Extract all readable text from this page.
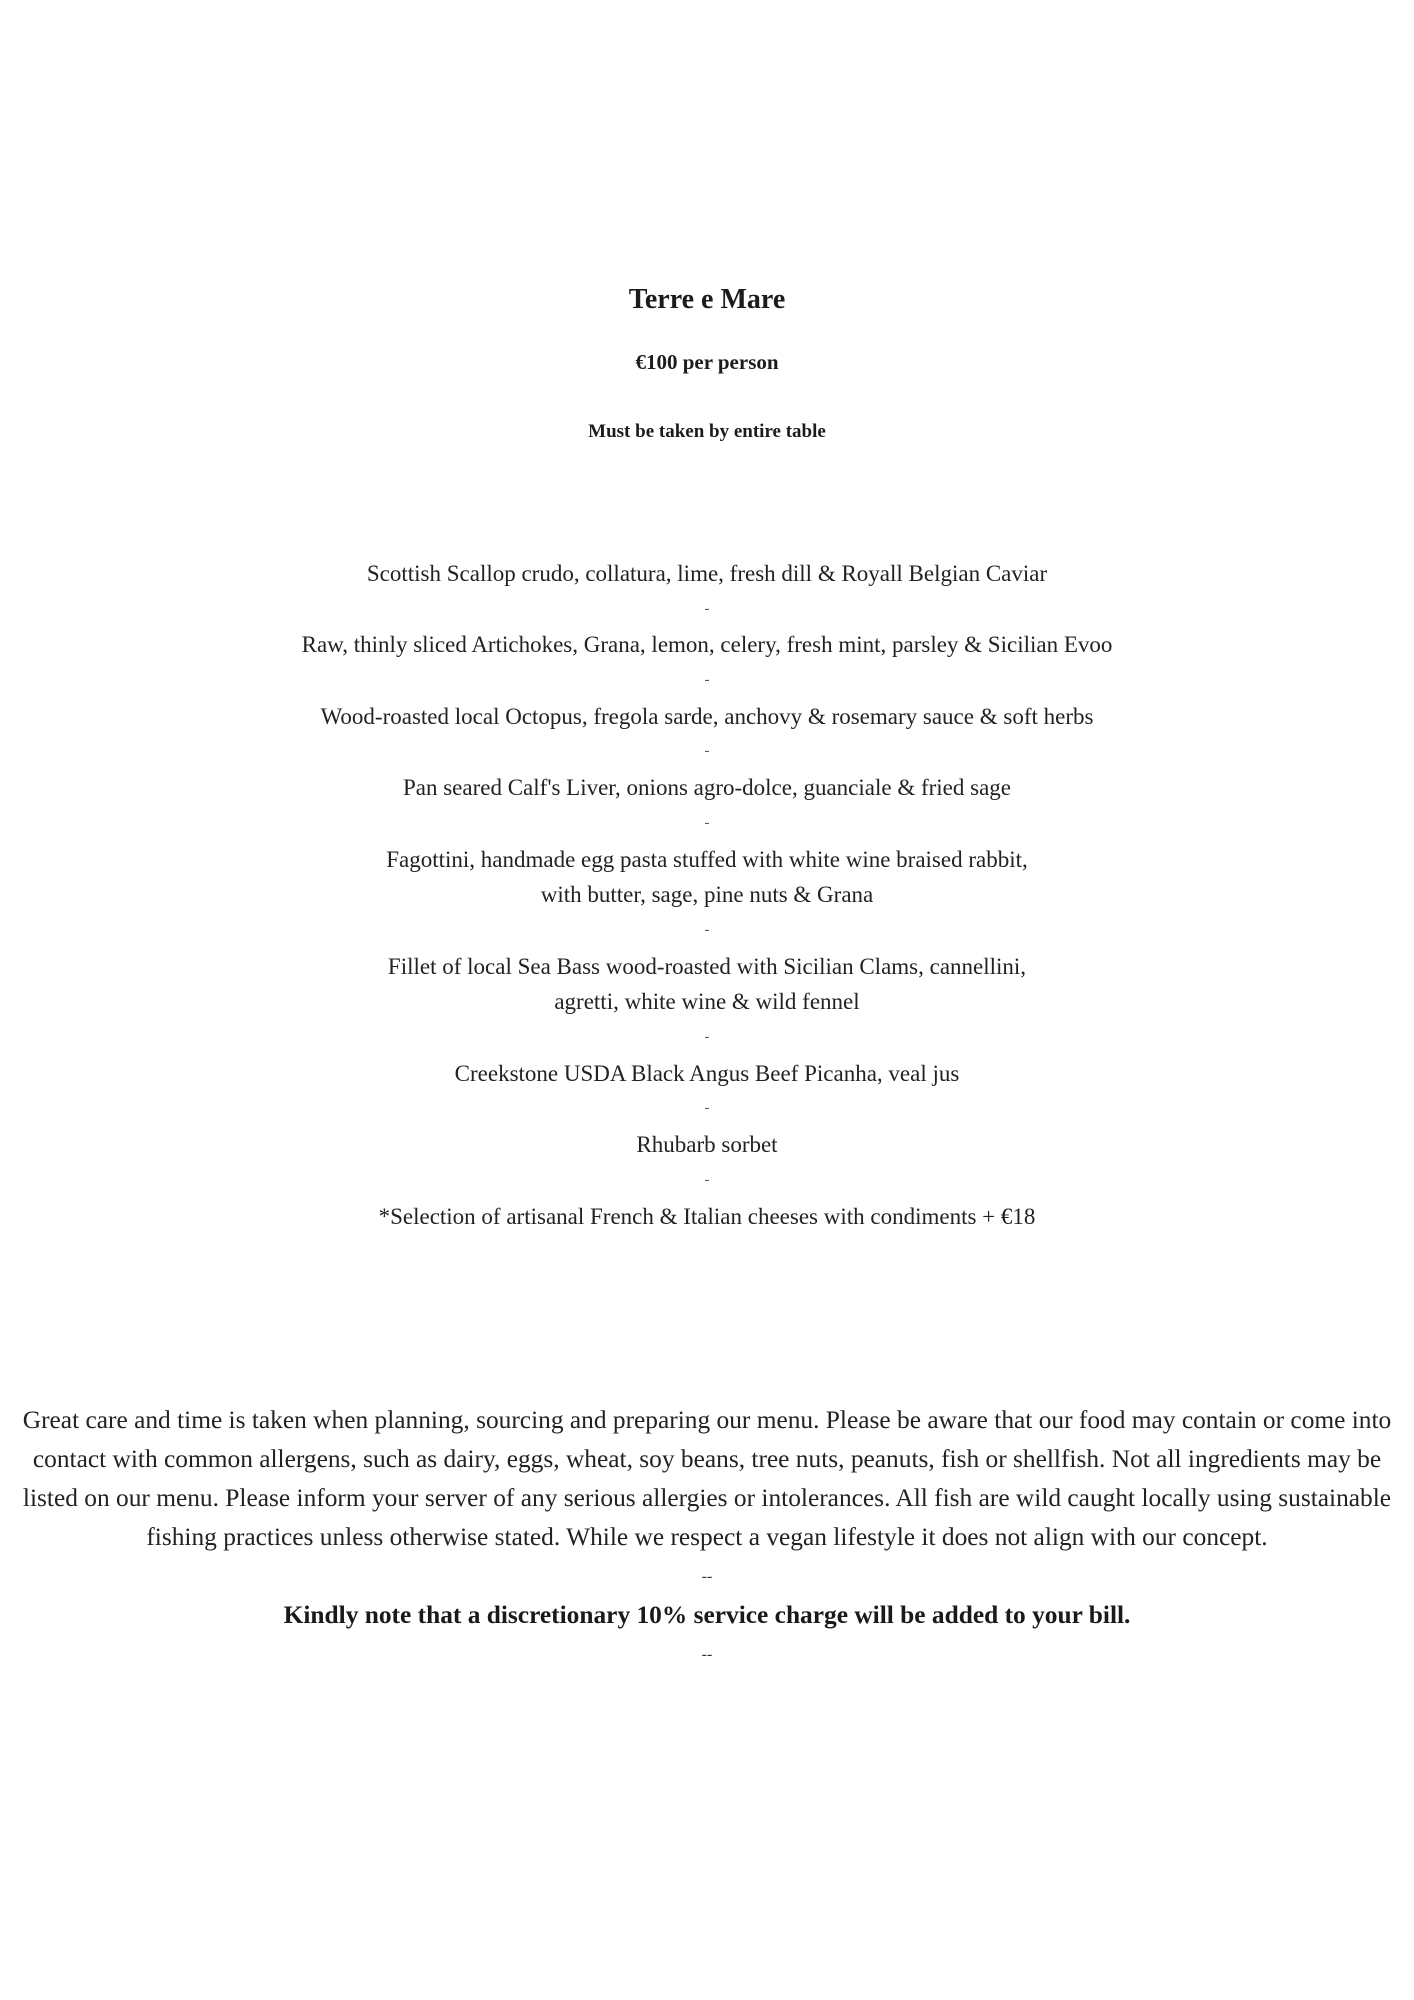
Terre e Mare
€100 per person
Must be taken by entire table

Scottish Scallop crudo, collatura, lime, fresh dill & Royall Belgian Caviar

-

Raw, thinly sliced Artichokes, Grana, lemon, celery, fresh mint, parsley & Sicilian Evoo

-

Wood-roasted local Octopus, fregola sarde, anchovy & rosemary sauce & soft herbs

-

Pan seared Calf's Liver, onions agro-dolce, guanciale & fried sage

-

Fagottini, handmade egg pasta stuffed with white wine braised rabbit,

with butter, sage, pine nuts & Grana

-

Fillet of local Sea Bass wood-roasted with Sicilian Clams, cannellini,

agretti, white wine & wild fennel

-

Creekstone USDA Black Angus Beef Picanha, veal jus

-

Rhubarb sorbet

-

*Selection of artisanal French & Italian cheeses with condiments + €18

Great care and time is taken when planning, sourcing and preparing our menu. Please be aware that our food may contain or come into contact with common allergens, such as dairy, eggs, wheat, soy beans, tree nuts, peanuts, fish or shellfish. Not all ingredients may be listed on our menu. Please inform your server of any serious allergies or intolerances. All fish are wild caught locally using sustainable fishing practices unless otherwise stated. While we respect a vegan lifestyle it does not align with our concept.

--

Kindly note that a discretionary 10% service charge will be added to your bill.

--
